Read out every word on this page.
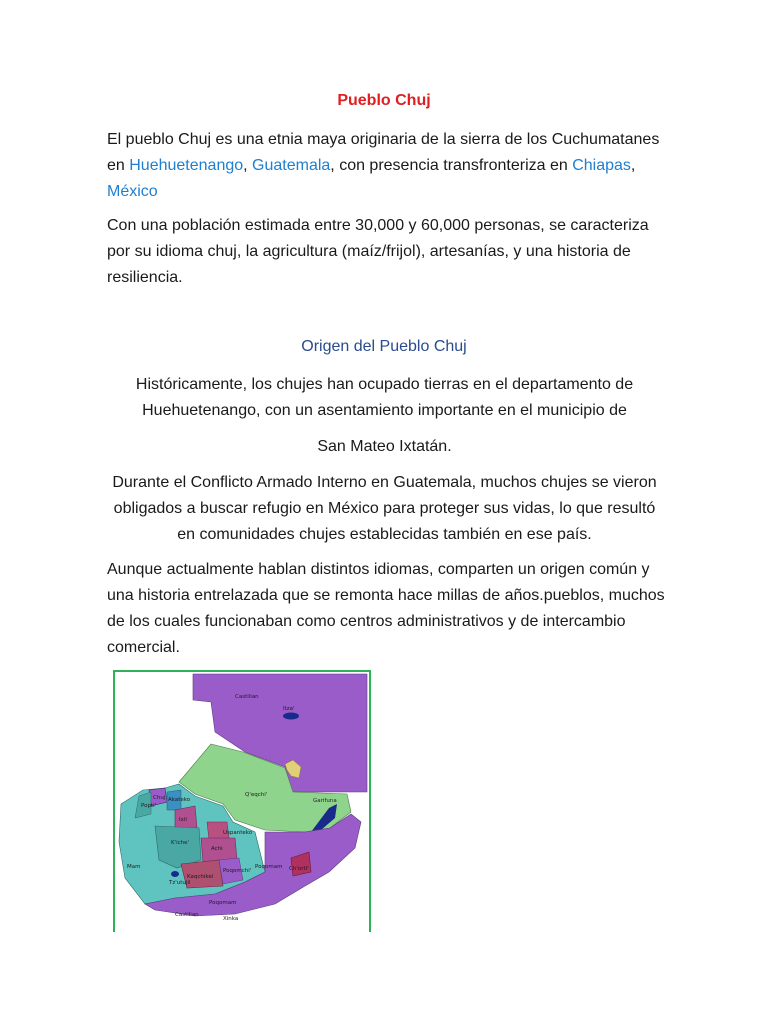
Pueblo Chuj

El pueblo Chuj es una etnia maya originaria de la sierra de los Cuchumatanes en Huehuetenango, Guatemala, con presencia transfronteriza en Chiapas, México

Con una población estimada entre 30,000 y 60,000 personas, se caracteriza por su idioma chuj, la agricultura (maíz/frijol), artesanías, y una historia de resiliencia.

Origen del Pueblo Chuj

Históricamente, los chujes han ocupado tierras en el departamento de Huehuetenango, con un asentamiento importante en el municipio de

San Mateo Ixtatán.

Durante el Conflicto Armado Interno en Guatemala, muchos chujes se vieron obligados a buscar refugio en México para proteger sus vidas, lo que resultó en comunidades chujes establecidas también en ese país.

Aunque actualmente hablan distintos idiomas, comparten un origen común y una historia entrelazada que se remonta hace millas de años.pueblos, muchos de los cuales funcionaban como centros administrativos y de intercambio comercial.

Castilian
Itza'
Q'eqchi'
Garifuna
Chuj
Popti'
Akateko
Ixil
Uspanteko
Achi
K'iche'
Mam
Kaqchikel
Poqomam
Poqomchi'
Tz'utujil
Castilian
Xinka
Ch'orti'
Poqomam
